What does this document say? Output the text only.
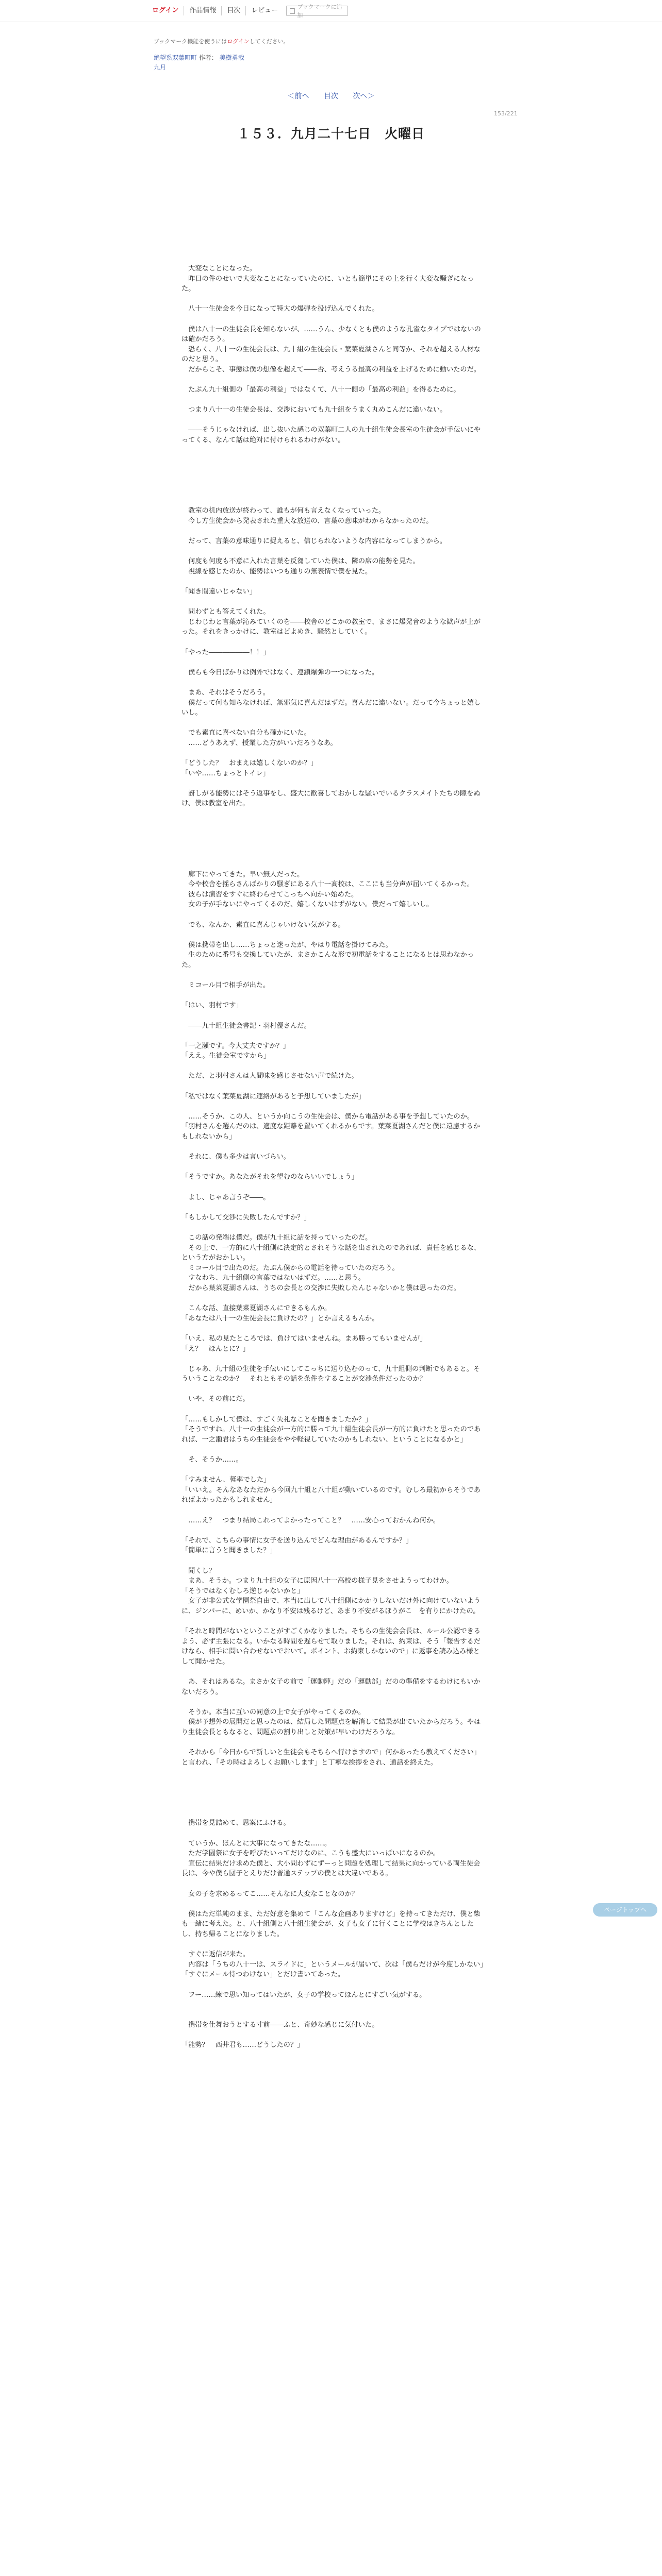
ログイン	作品情報	目次	レビュー	ブックマークに追加
ブックマーク機能を使うにはログインしてください。
絶望系双葉町町 作者： 美樹勇哉
九月
＜前へ 目次 次へ＞
153/221
１５３．九月二十七日　火曜日

　大変なことになった。

　昨日の件のせいで大変なことになっていたのに、いとも簡単にその上を行く大変な騒ぎになった。

　八十一生徒会を今日になって特大の爆弾を投げ込んでくれた。

　僕は八十一の生徒会長を知らないが、……うん、少なくとも僕のような孔雀なタイプではないのは確かだろう。

　恐らく、八十一の生徒会長は、九十組の生徒会長・葉菜夏湖さんと同等か、それを超える人材なのだと思う。

　だからこそ、事態は僕の想像を超えて――否、考えうる最高の利益を上げるために動いたのだ。

　たぶん九十組側の「最高の利益」ではなくて、八十一側の「最高の利益」を得るために。

　つまり八十一の生徒会長は、交渉においても九十組をうまく丸めこんだに違いない。

　――そうじゃなければ、出し抜いた感じの双葉町二人の九十組生徒会長室の生徒会が手伝いにやってくる、なんて話は絶対に付けられるわけがない。

　教室の机内放送が終わって、誰もが何も言えなくなっていった。

　今し方生徒会から発表された重大な放送の、言葉の意味がわからなかったのだ。

　だって、言葉の意味通りに捉えると、信じられないような内容になってしまうから。

　何度も何度も不意に入れた言葉を反芻していた僕は、隣の席の能勢を見た。

　視線を感じたのか、能勢はいつも通りの無表情で僕を見た。

「聞き間違いじゃない」

　問わずとも答えてくれた。

　じわじわと言葉が沁みていくのを――校舎のどこかの教室で、まさに爆発音のような歓声が上がった。それをきっかけに、教室はどよめき、騒然としていく。

「やった――――――！！」

　僕らも今日ばかりは例外ではなく、連鎖爆弾の一つになった。

　まあ、それはそうだろう。

　僕だって何も知らなければ、無邪気に喜んだはずだ。喜んだに違いない。だって今ちょっと嬉しいし。

　でも素直に喜べない自分も確かにいた。

　……どうあえず、授業した方がいいだろうなあ。

「どうした？　おまえは嬉しくないのか？」

「いや……ちょっとトイレ」

　訝しがる能勢にはそう返事をし、盛大に歓喜しておかしな騒いでいるクラスメイトたちの隙をぬけ、僕は教室を出た。

　廊下にやってきた。早い無人だった。

　今や校舎を揺らさんばかりの騒ぎにある八十一高校は、ここにも当分声が届いてくるかった。

　彼らは演習をすぐに終わらせてこっちへ向かい始めた。

　女の子が手ないにやってくるのだ、嬉しくないはずがない。僕だって嬉しいし。

　でも、なんか、素直に喜んじゃいけない気がする。

　僕は携帯を出し……ちょっと迷ったが、やはり電話を掛けてみた。

　生のために番号も交換していたが、まさかこんな形で初電話をすることになるとは思わなかった。

　ミコール目で相手が出た。

「はい、羽村です」

　――九十組生徒会書記・羽村優さんだ。

「一之瀬です。今大丈夫ですか？」

「ええ。生徒会室ですから」

　ただ、と羽村さんは人間味を感じさせない声で続けた。

「私ではなく葉菜夏湖に連絡があると予想していましたが」

　……そうか、この人、というか向こうの生徒会は、僕から電話がある事を予想していたのか。

「羽村さんを選んだのは、適度な距離を置いてくれるからです。葉菜夏湖さんだと僕に遠慮するかもしれないから」

　それに、僕も多少は言いづらい。

「そうですか。あなたがそれを望むのならいいでしょう」

　よし、じゃあ言うぞ――。

「もしかして交渉に失敗したんですか？」

　この話の発端は僕だ。僕が九十組に話を持っていったのだ。

　その上で、一方的に八十組側に決定的とされそうな話を出されたのであれば、責任を感じるな、という方がおかしい。

　ミコール目で出たのだ。たぶん僕からの電話を待っていたのだろう。

　すなわち、九十組側の言葉ではないはずだ。……と思う。

　だから葉菜夏湖さんは、うちの会長との交渉に失敗したんじゃないかと僕は思ったのだ。

　こんな話、直接葉菜夏湖さんにできるもんか。

「あなたは八十一の生徒会長に負けたの？」とか言えるもんか。

「いえ、私の見たところでは、負けてはいませんね。まあ勝ってもいませんが」

「え？　ほんとに？」

　じゃあ、九十組の生徒を手伝いにしてこっちに送り込むのって、九十組側の判断でもあると。そういうことなのか？　それともその話を条件をすることが交渉条件だったのか？

　いや、その前にだ。

「……もしかして僕は、すごく失礼なことを聞きましたか？」

「そうですね。八十一の生徒会が一方的に勝って九十組生徒会長が一方的に負けたと思ったのであれば、一之瀬君はうちの生徒会をやや軽視していたのかもしれない、ということになるかと」

　そ、そうか……。

「すみません、軽率でした」

「いいえ。そんなあなただから今回九十組と八十組が動いているのです。むしろ最初からそうであればよかったかもしれません」

　……え？　つまり結局これってよかったってこと？　……安心っておかんね何か。

「それで、こちらの事情に女子を送り込んでどんな理由があるんですか？」

「簡単に言うと聞きました？」

　聞くし？

　まあ、そうか。つまり九十組の女子に原因八十一高校の様子見をさせようってわけか。

「そうではなくむしろ逆じゃないかと」

　女子が非公式な学園祭自由で、本当に出して八十組側にかかりしないだけ外に向けていないように、ジンパーに、めいか、かなり不安は残るけど、あまり不安がるほうがこ　を有りにかけたの。

「それと時間がないということがすごくかなりました。そちらの生徒会会長は、ルール公認できるよう、必ず主張になる。いかなる時間を遅らせて取りました。それは、約束は、そう「報告するだけなら、相手に問い合わせないでおいて。ポイント、お約束しかないので」に返事を読み込み様として聞かせた。

　あ、それはあるな。まさか女子の前で「運動陣」だの「運動部」だのの準備をするわけにもいかないだろう。

　そうか。本当に互いの同意の上で女子がやってくるのか。

　僕が予想外の展開だと思ったのは、結局した問題点を解消して結果が出ていたからだろう。やはり生徒会長ともなると、問題点の割り出しと対策が早いわけだろうな。

　それから「今日からで新しいと生徒会もそちらへ行けますので」何かあったら教えてください」と言われ、「その時はよろしくお願いします」と丁寧な挨拶をされ、通話を終えた。

　携帯を見詰めて、思案にふける。

　ていうか、ほんとに大事になってきたな……。

　ただ学園祭に女子を呼びたいってだけなのに、こうも盛大にいっぱいになるのか。

　宣伝に結果だけ求めた僕と、大小問わずにずーっと問題を処理して結果に向かっている両生徒会長は、今や僕ら団子とえりだけ普通ステップの僕とは大違いである。

　女の子を求めるってこ……そんなに大変なことなのか？

　僕はただ単純のまま、ただ好意を集めて「こんな企画ありますけど」を持ってきただけ、僕と柴も一緒に考えた。と、八十組側と八十組生徒会が、女子も女子に行くことに学校はきちんとしたし、持ち帰ることになりました。

　すぐに返信が来た。

　内容は「うちの八十一は、スライドに」というメールが届いて、次は「僕らだけが今度しかない」「すぐにメール待つわけない」とだけ書いてあった。

　フー……練で思い知ってはいたが、女子の学校ってほんとにすごい気がする。

　携帯を仕舞おうとする寸前――ふと、奇妙な感じに気付いた。

「能勢？　西井君も……どうしたの？」

ページトップへ
